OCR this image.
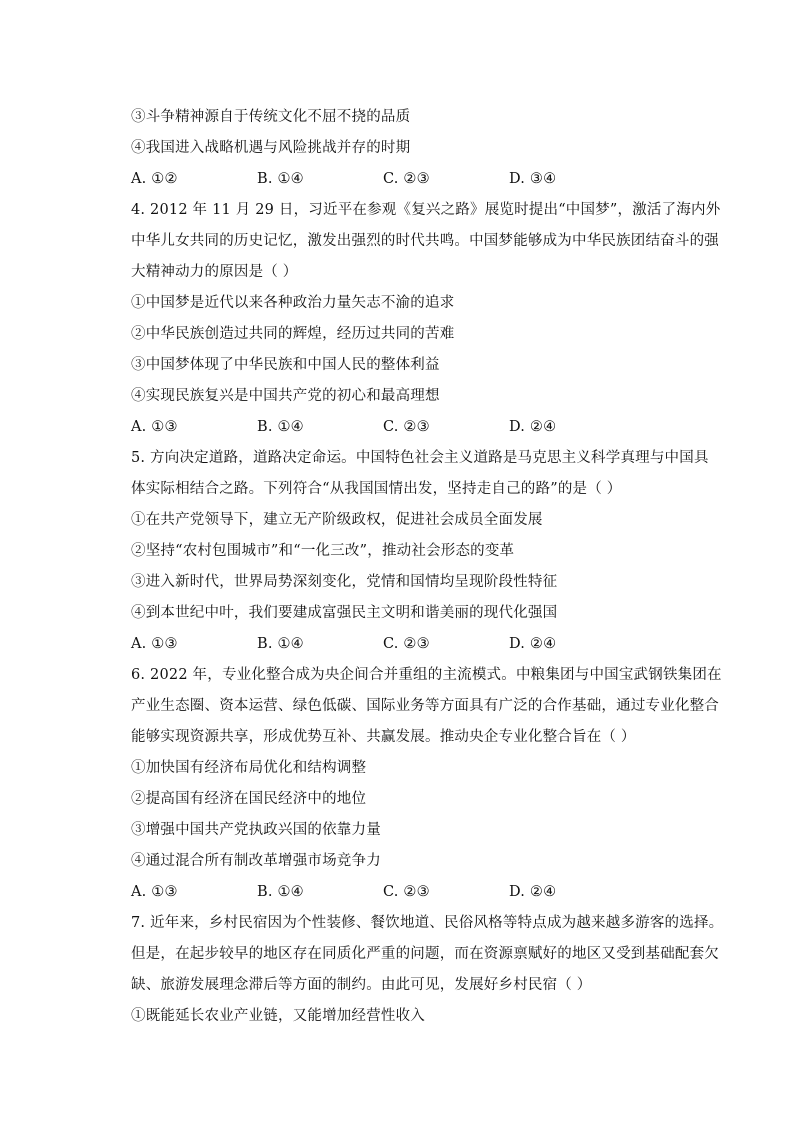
③斗争精神源自于传统文化不屈不挠的品质
④我国进入战略机遇与风险挑战并存的时期
A. ①②	B. ①④	C. ②③	D. ③④
4. 2012 年 11 月 29 日，习近平在参观《复兴之路》展览时提出“中国梦”，激活了海内外
中华儿女共同的历史记忆，激发出强烈的时代共鸣。中国梦能够成为中华民族团结奋斗的强
大精神动力的原因是（ ）
①中国梦是近代以来各种政治力量矢志不渝的追求
②中华民族创造过共同的辉煌，经历过共同的苦难
③中国梦体现了中华民族和中国人民的整体利益
④实现民族复兴是中国共产党的初心和最高理想
A. ①③	B. ①④	C. ②③	D. ②④
5. 方向决定道路，道路决定命运。中国特色社会主义道路是马克思主义科学真理与中国具
体实际相结合之路。下列符合“从我国国情出发，坚持走自己的路”的是（ ）
①在共产党领导下，建立无产阶级政权，促进社会成员全面发展
②坚持“农村包围城市”和“一化三改”，推动社会形态的变革
③进入新时代，世界局势深刻变化，党情和国情均呈现阶段性特征
④到本世纪中叶，我们要建成富强民主文明和谐美丽的现代化强国
A. ①③	B. ①④	C. ②③	D. ②④
6. 2022 年，专业化整合成为央企间合并重组的主流模式。中粮集团与中国宝武钢铁集团在
产业生态圈、资本运营、绿色低碳、国际业务等方面具有广泛的合作基础，通过专业化整合
能够实现资源共享，形成优势互补、共赢发展。推动央企专业化整合旨在（ ）
①加快国有经济布局优化和结构调整
②提高国有经济在国民经济中的地位
③增强中国共产党执政兴国的依靠力量
④通过混合所有制改革增强市场竞争力
A. ①③	B. ①④	C. ②③	D. ②④
7. 近年来，乡村民宿因为个性装修、餐饮地道、民俗风格等特点成为越来越多游客的选择。
但是，在起步较早的地区存在同质化严重的问题，而在资源禀赋好的地区又受到基础配套欠
缺、旅游发展理念滞后等方面的制约。由此可见，发展好乡村民宿（ ）
①既能延长农业产业链，又能增加经营性收入
